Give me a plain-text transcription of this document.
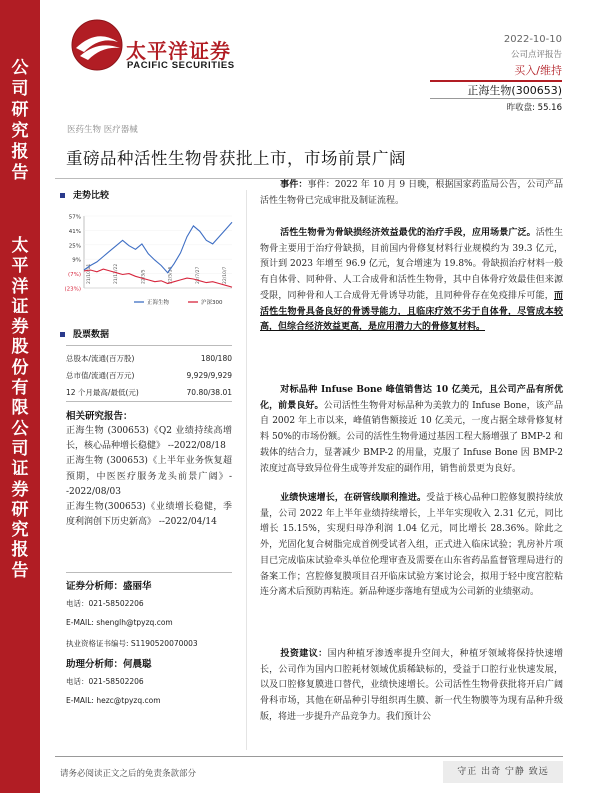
公
司
研
究
报
告
太
平
洋
证
券
股
份
有
限
公
司
证
券
研
究
报
告
太平洋证券
PACIFIC SECURITIES
2022-10-10
公司点评报告
买入/维持
正海生物(300653)
昨收盘: 55.16
医药生物 医疗器械
重磅品种活性生物骨获批上市，市场前景广阔
走势比较
57%
41%
25%
9%
(7%)
(23%)
21/10/11	21/12/22	22/3/5	22/5/16	22/7/27	22/10/7
正海生物	沪深300
股票数据
总股本/流通(百万股)	180/180
总市值/流通(百万元)	9,929/9,929
12 个月最高/最低(元)	70.80/38.01
相关研究报告：

正海生物 (300653)《Q2 业绩持续高增长，核心品种增长稳健》 --2022/08/18

正海生物 (300653)《上半年业务恢复超预期，中医医疗服务龙头前景广阔》--2022/08/03

正海生物(300653)《业绩增长稳健，季度利润创下历史新高》 --2022/04/14

证券分析师：盛丽华
电话：021-58502206
E-MAIL: shenglh@tpyzq.com
执业资格证书编号: S1190520070003
助理分析师：何晨聪
电话：021-58502206
E-MAIL: hezc@tpyzq.com
事件：事件：2022 年 10 月 9 日晚，根据国家药监局公告，公司产品活性生物骨已完成审批及制证流程。
活性生物骨为骨缺损经济效益最优的治疗手段，应用场景广泛。活性生物骨主要用于治疗骨缺损，目前国内骨修复材料行业规模约为 39.3 亿元，预计到 2023 年增至 96.9 亿元，复合增速为 19.8%。骨缺损治疗材料一般有自体骨、同种骨、人工合成骨和活性生物骨，其中自体骨疗效最佳但来源受限，同种骨和人工合成骨无骨诱导功能，且同种骨存在免疫排斥可能，而活性生物骨具备良好的骨诱导能力，且临床疗效不劣于自体骨，尽管成本较高，但综合经济效益更高，是应用潜力大的骨修复材料。
对标品种 Infuse Bone 峰值销售达 10 亿美元，且公司产品有所优化，前景良好。公司活性生物骨对标品种为美敦力的 Infuse Bone，该产品自 2002 年上市以来，峰值销售额接近 10 亿美元，一度占据全球骨修复材料 50%的市场份额。公司的活性生物骨通过基因工程大肠增强了 BMP-2 和载体的结合力，显著减少 BMP-2 的用量，克服了 Infuse Bone 因 BMP-2 浓度过高导致异位骨生成等并发症的副作用，销售前景更为良好。
业绩快速增长，在研管线顺利推进。受益于核心品种口腔修复膜持续放量，公司 2022 年上半年业绩持续增长，上半年实现收入 2.31 亿元，同比增长 15.15%，实现归母净利润 1.04 亿元，同比增长 28.36%。除此之外，光固化复合树脂完成首例受试者入组，正式进入临床试验；乳房补片项目已完成临床试验牵头单位伦理审查及需要在山东省药品监督管理局进行的备案工作；宫腔修复膜项目召开临床试验方案讨论会，拟用于轻中度宫腔粘连分离术后预防再粘连。新品种逐步落地有望成为公司新的业绩驱动。
投资建议：国内种植牙渗透率提升空间大，种植牙领域将保持快速增长，公司作为国内口腔耗材领域优质稀缺标的，受益于口腔行业快速发展，以及口腔修复膜进口替代，业绩快速增长。公司活性生物骨获批将开启广阔骨科市场，其他在研品种引导组织再生膜、新一代生物膜等为现有品种升级版，将进一步提升产品竞争力。我们预计公
请务必阅读正文之后的免责条款部分	守正 出奇 宁静 致远
